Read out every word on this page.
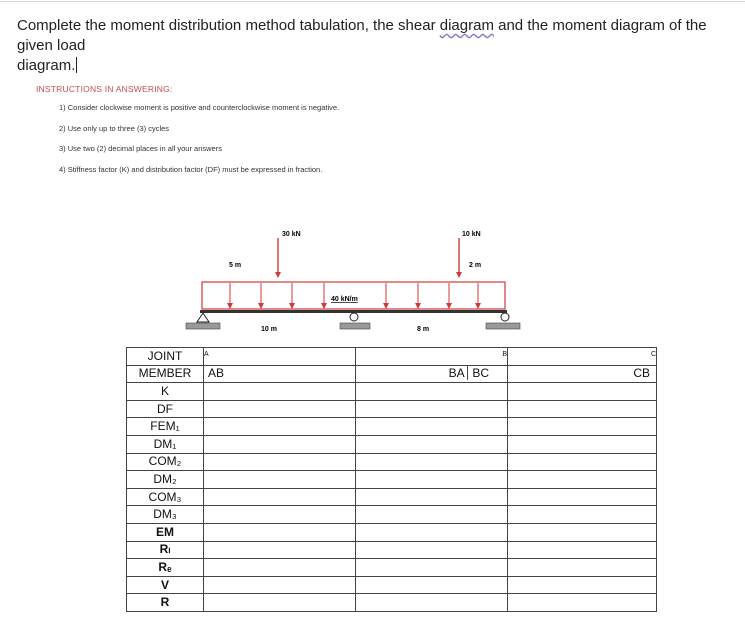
Complete the moment distribution method tabulation, the shear diagram and the moment diagram of the given load
diagram.
INSTRUCTIONS IN ANSWERING:
1) Consider clockwise moment is positive and counterclockwise moment is negative.
2) Use only up to three (3) cycles
3) Use two (2) decimal places in all your answers
4) Stiffness factor (K) and distribution factor (DF) must be expressed in fraction.
30 kN
5 m
10 kN
2 m
40 kN/m
10 m	8 m
JOINT	A	B	C
MEMBER	AB	BA BC	CB
K			
DF			
FEM₁			
DM₁			
COM₂			
DM₂			
COM₃			
DM₃			
EM			
Rₗ			
Rₑ			
V			
R			
